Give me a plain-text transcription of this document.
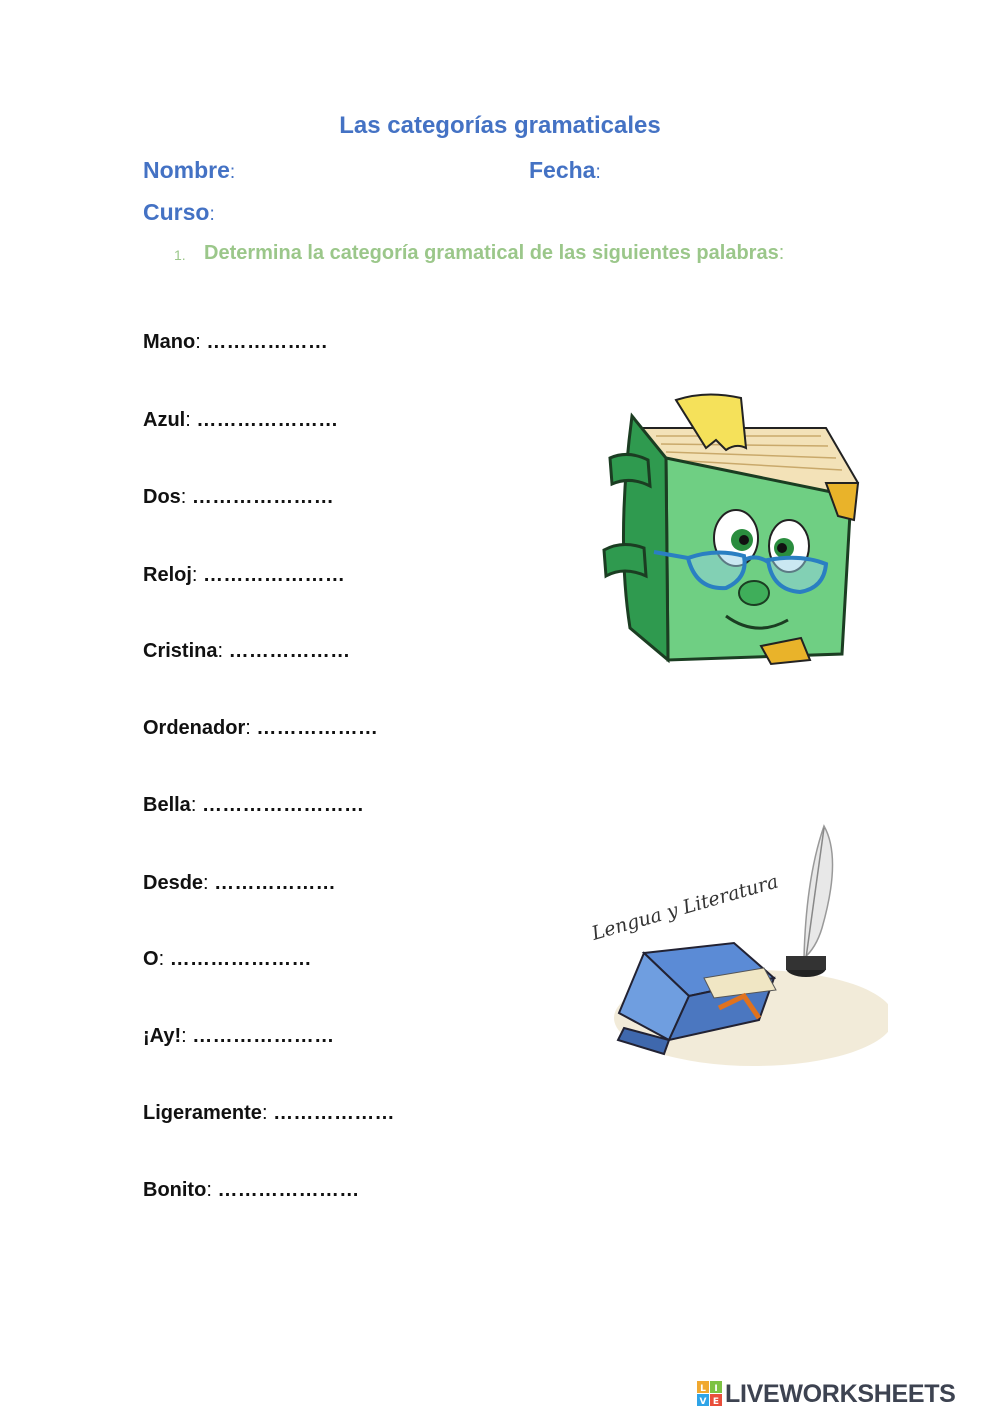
Las categorías gramaticales
Nombre:	Fecha:
Curso:
1. Determina la categoría gramatical de las siguientes palabras:
Mano: ………………
Azul: …………………
Dos: …………………
Reloj: …………………
Cristina: ………………
Ordenador: ………………
Bella: ……………………
Desde: ………………
O: …………………
¡Ay!: …………………
Ligeramente: ………………
Bonito: …………………
Lengua y Literatura
L I
V E LIVEWORKSHEETS
